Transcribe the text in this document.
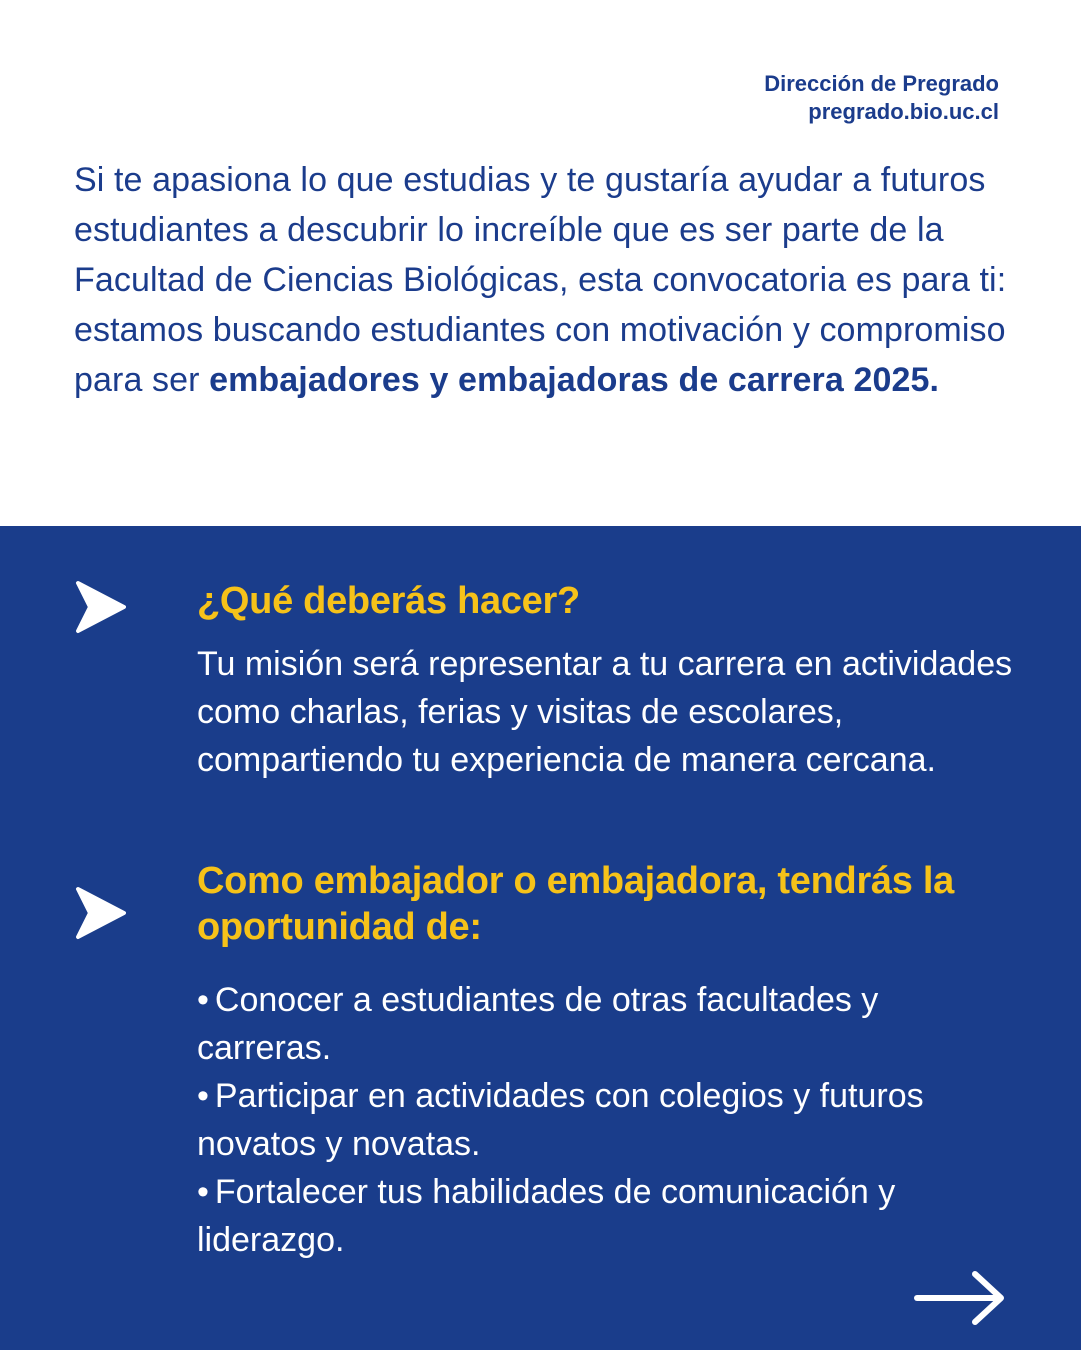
Dirección de Pregrado
pregrado.bio.uc.cl

Si te apasiona lo que estudias y te gustaría ayudar a futuros estudiantes a descubrir lo increíble que es ser parte de la Facultad de Ciencias Biológicas, esta convocatoria es para ti:

estamos buscando estudiantes con motivación y compromiso para ser embajadores y embajadoras de carrera 2025.

¿Qué deberás hacer?

Tu misión será representar a tu carrera en actividades como charlas, ferias y visitas de escolares, compartiendo tu experiencia de manera cercana.

Como embajador o embajadora, tendrás la oportunidad de:
• Conocer a estudiantes de otras facultades y carreras.
• Participar en actividades con colegios y futuros novatos y novatas.
• Fortalecer tus habilidades de comunicación y liderazgo.
